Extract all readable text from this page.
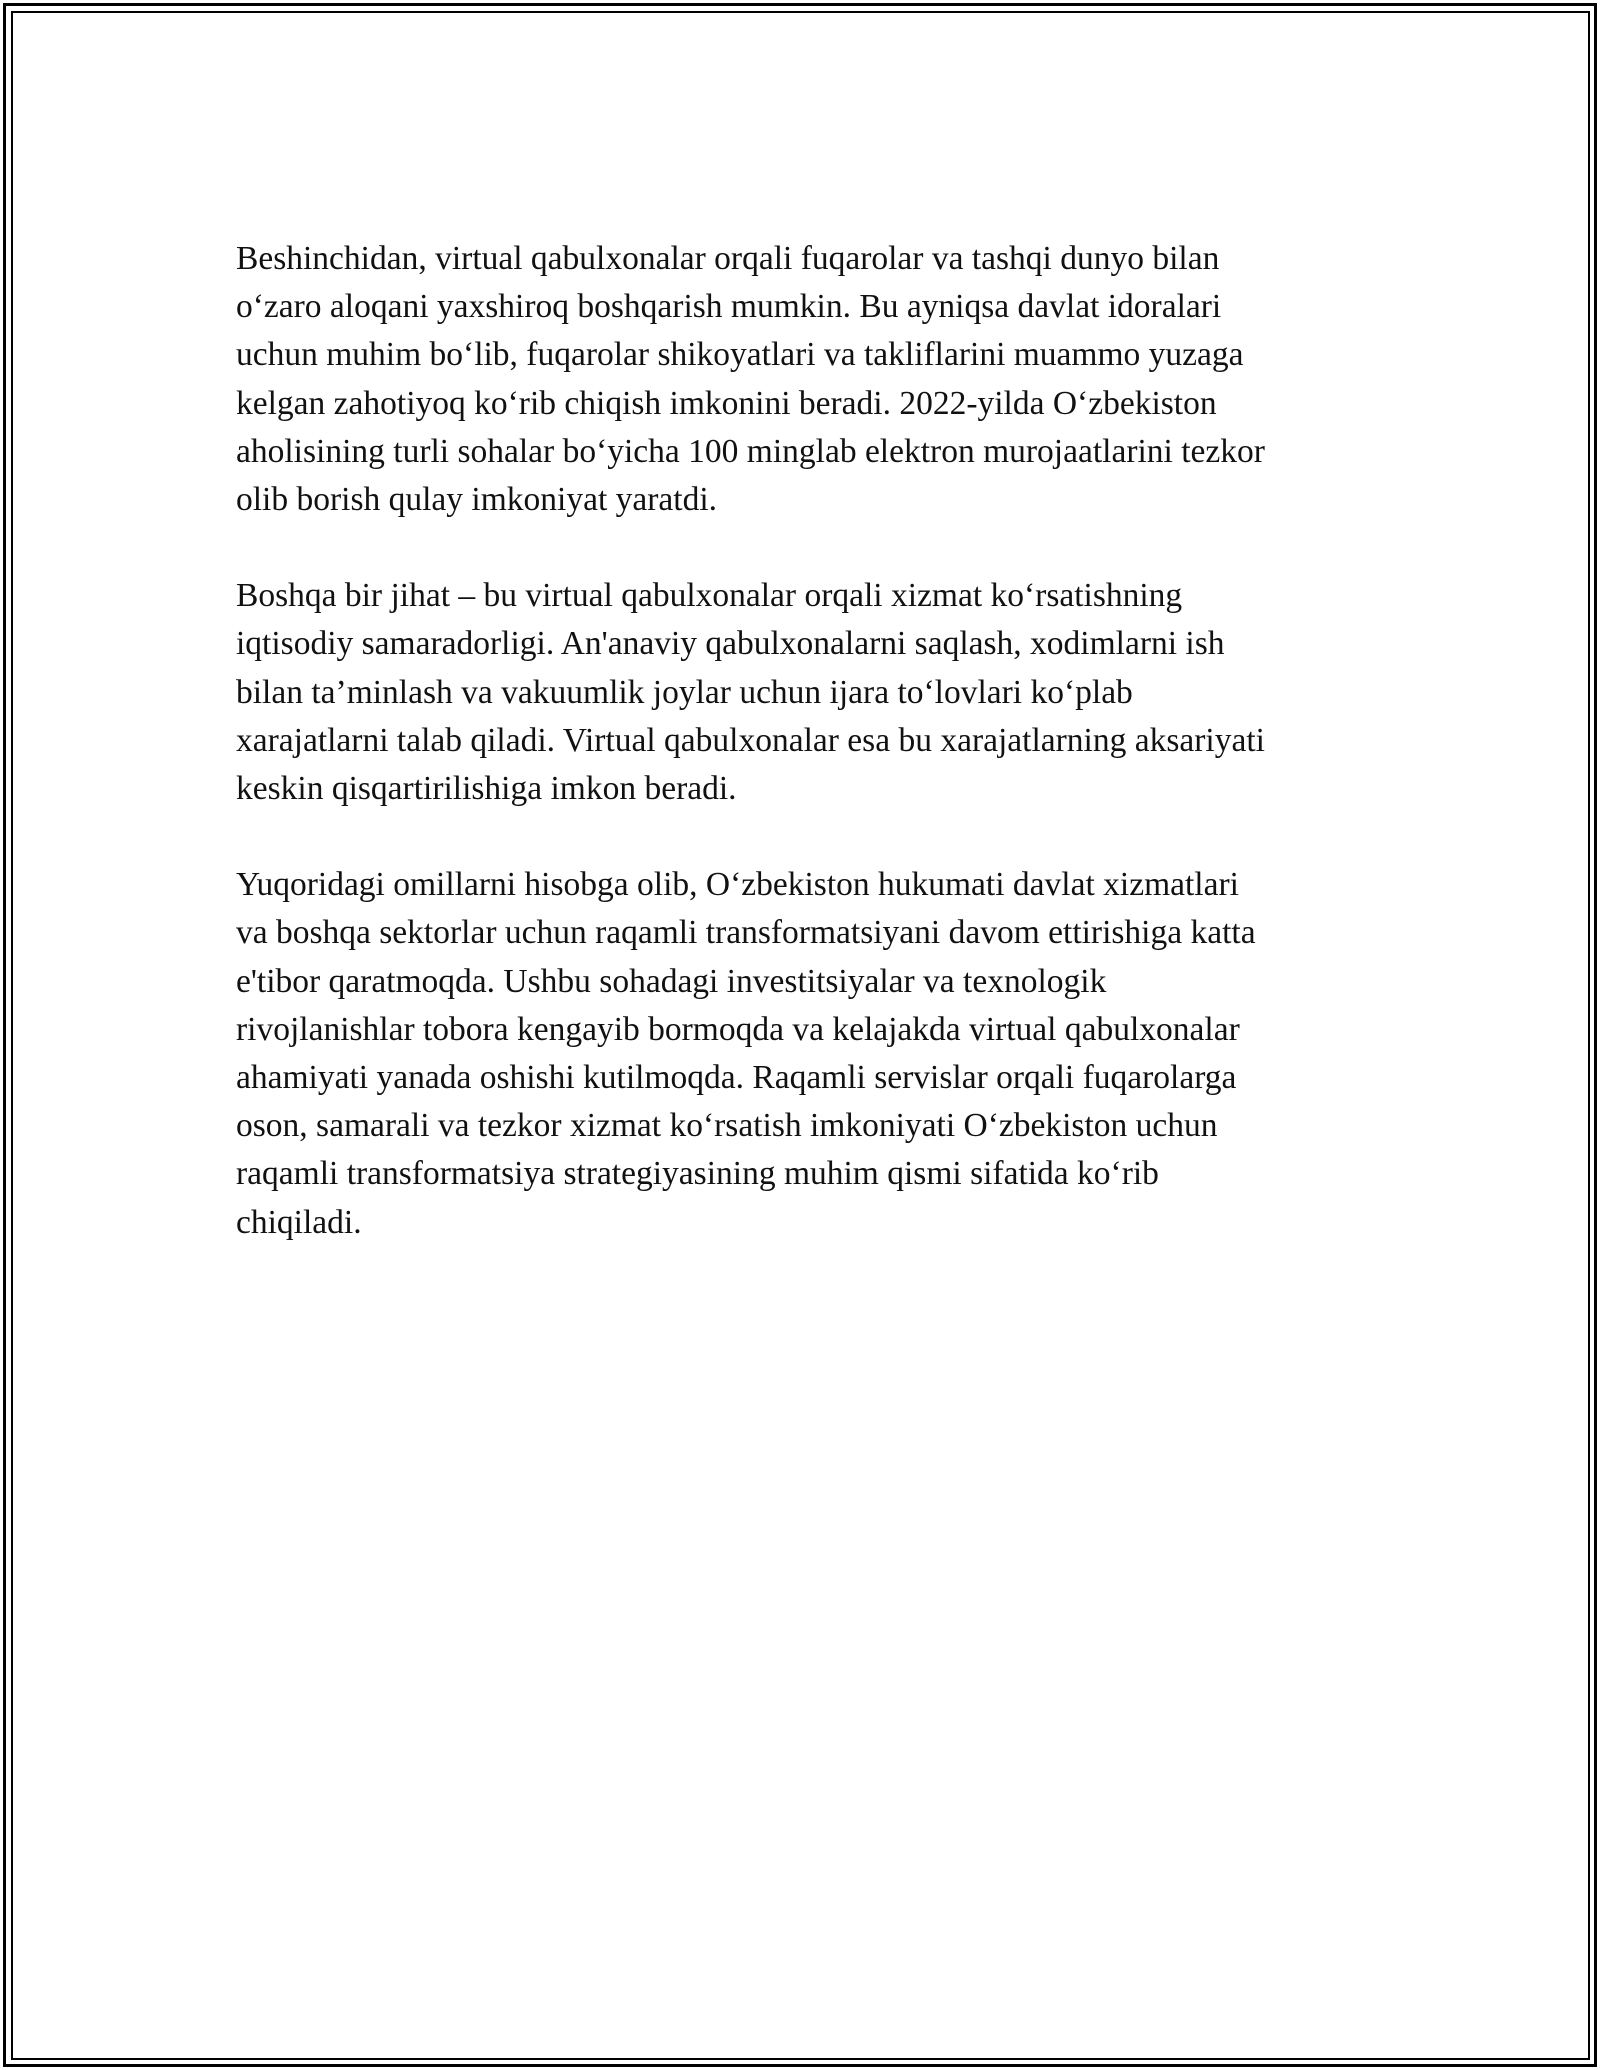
Beshinchidan, virtual qabulxonalar orqali fuqarolar va tashqi dunyo bilan
o‘zaro aloqani yaxshiroq boshqarish mumkin. Bu ayniqsa davlat idoralari
uchun muhim bo‘lib, fuqarolar shikoyatlari va takliflarini muammo yuzaga
kelgan zahotiyoq ko‘rib chiqish imkonini beradi. 2022-yilda O‘zbekiston
aholisining turli sohalar bo‘yicha 100 minglab elektron murojaatlarini tezkor
olib borish qulay imkoniyat yaratdi.

Boshqa bir jihat – bu virtual qabulxonalar orqali xizmat ko‘rsatishning
iqtisodiy samaradorligi. An'anaviy qabulxonalarni saqlash, xodimlarni ish
bilan ta’minlash va vakuumlik joylar uchun ijara to‘lovlari ko‘plab
xarajatlarni talab qiladi. Virtual qabulxonalar esa bu xarajatlarning aksariyati
keskin qisqartirilishiga imkon beradi.

Yuqoridagi omillarni hisobga olib, O‘zbekiston hukumati davlat xizmatlari
va boshqa sektorlar uchun raqamli transformatsiyani davom ettirishiga katta
e'tibor qaratmoqda. Ushbu sohadagi investitsiyalar va texnologik
rivojlanishlar tobora kengayib bormoqda va kelajakda virtual qabulxonalar
ahamiyati yanada oshishi kutilmoqda. Raqamli servislar orqali fuqarolarga
oson, samarali va tezkor xizmat ko‘rsatish imkoniyati O‘zbekiston uchun
raqamli transformatsiya strategiyasining muhim qismi sifatida ko‘rib
chiqiladi.
